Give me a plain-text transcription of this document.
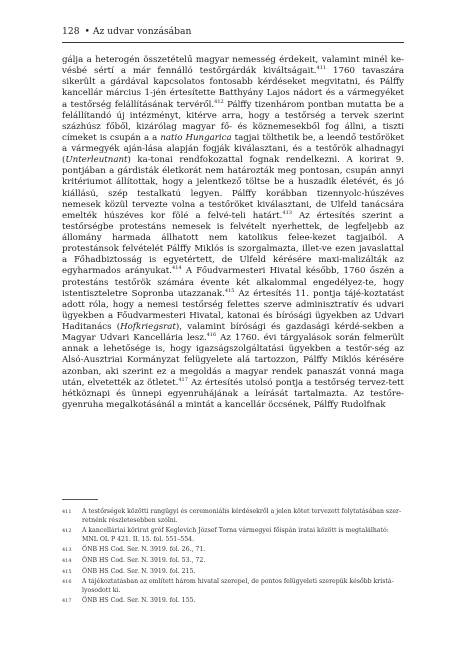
128 • Az udvar vonzásában

gálja a heterogén összetételű magyar nemesség érdekeit, valamint minél ke-vésbé sértí a már fennálló testőrgárdák kiváltságait.$^{411}$ 1760 tavaszára sikerült a gárdával kapcsolatos fontosabb kérdéseket megvitatni, és Pálffy kancellár március 1-jén értesítette Batthyány Lajos nádort és a vármegyéket a testőrség felállításának tervéről.$^{412}$ Pálffy tizenhárom pontban mutatta be a felállítandó új intézményt, kitérve arra, hogy a testőrség a tervek szerint százhúsz főből, kizárólag magyar fő- és köznemesekből fog állni, a tiszti címeket is csupán a a natio Hungarica tagjai tölthetik be, a leendő testőröket a vármegyék aján-lása alapján fogják kiválasztani, és a testőrök alhadnagyi (Unterleutnant) ka-tonai rendfokozattal fognak rendelkezni. A korirat 9. pontjában a gárdisták életkorát nem határozták meg pontosan, csupán annyi kritériumot állítottak, hogy a jelentkező töltse be a huszadik életévét, és jó kiállású, szép testalkatú legyen. Pálffy korábban tizennyolc-húszéves nemesek közül tervezte volna a testőröket kiválasztani, de Ulfeld tanácsára emelték húszéves kor fölé a felvé-teli határt.$^{413}$ Az értesítés szerint a testőrségbe protestáns nemesek is felvételt nyerhettek, de legfeljebb az állomány harmada állhatott nem katolikus felee-kezet tagjaiból. A protestánsok felvételét Pálffy Miklós is szorgalmazta, illet-ve ezen javaslattal a Főhadbiztosság is egyetértett, de Ulfeld kérésére maxi-malizálták az egyharmados arányukat.$^{414}$ A Főudvarmesteri Hivatal később, 1760 őszén a protestáns testőrök számára évente két alkalommal engedélyez-te, hogy istentiszteletre Sopronba utazzanak.$^{415}$ Az értesítés 11. pontja tájé-koztatást adott róla, hogy a nemesi testőrség felettes szerve adminisztratív és udvari ügyekben a Főudvarmesteri Hivatal, katonai és bírósági ügyekben az Udvari Haditanács (Hofkriegsrat), valamint bírósági és gazdasági kérdé-sekben a Magyar Udvari Kancellária lesz.$^{416}$ Az 1760. évi tárgyalások során felmerült annak a lehetősége is, hogy igazságszolgáltatási ügyekben a testőr-ség az Alsó-Ausztriai Kormányzat felügyelete alá tartozzon, Pálffy Miklós kérésére azonban, aki szerint ez a megoldás a magyar rendek panaszát vonná maga után, elvetették az ötletet.$^{417}$ Az értesítés utolsó pontja a testőrség tervez-tett hétköznapi és ünnepi egyenruhájának a leírását tartalmazta. Az testőre-gyenruha megalkotásánál a mintát a kancellár öccsének, Pálffy Rudolfnak

411 A testőrségek közötti rangügyi és ceremoniális kérdésekről a jelen kötet tervezett folytatásában szer-retnénk részletesebben szólni.
412 A kancelláriai körirat gróf Keglevich József Torna vármegyei főispán iratai között is megtalálható: MNL OL P 421. II. 15. fol. 551–554.
413 ÖNB HS Cod. Ser. N. 3919. fol. 26., 71.
414 ÖNB HS Cod. Ser. N. 3919. fol. 53., 72.
415 ÖNB HS Cod. Ser. N. 3919. fol. 215.
416 A tájékoztatásban az említett három hivatal szerepel, de pontos felügyeleti szerepük később kristá-lyosodott ki.
417 ÖNB HS Cod. Ser. N. 3919. fol. 155.
